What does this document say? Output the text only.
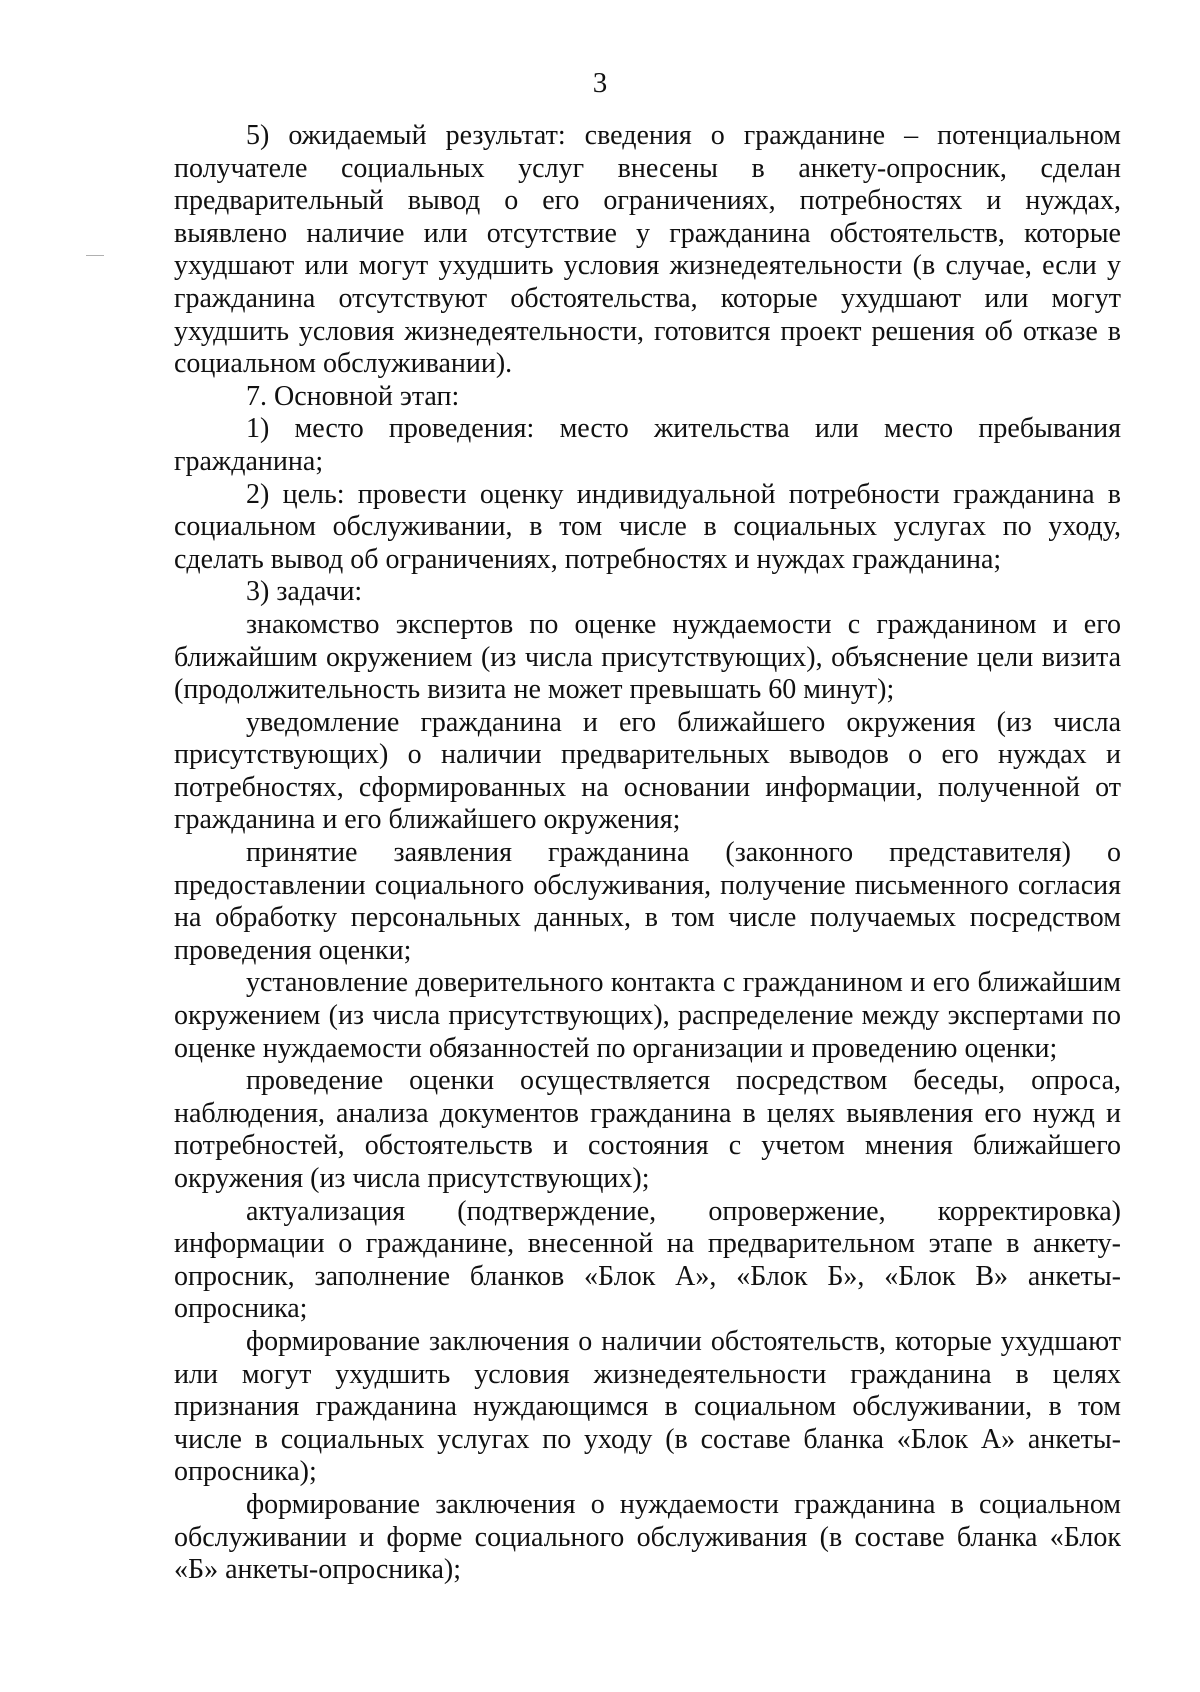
3

5) ожидаемый результат: сведения о гражданине – потенциальном получателе социальных услуг внесены в анкету-опросник, сделан предварительный вывод о его ограничениях, потребностях и нуждах, выявлено наличие или отсутствие у гражданина обстоятельств, которые ухудшают или могут ухудшить условия жизнедеятельности (в случае, если у гражданина отсутствуют обстоятельства, которые ухудшают или могут ухудшить условия жизнедеятельности, готовится проект решения об отказе в социальном обслуживании).

7. Основной этап:

1) место проведения: место жительства или место пребывания гражданина;

2) цель: провести оценку индивидуальной потребности гражданина в социальном обслуживании, в том числе в социальных услугах по уходу, сделать вывод об ограничениях, потребностях и нуждах гражданина;

3) задачи:

знакомство экспертов по оценке нуждаемости с гражданином и его ближайшим окружением (из числа присутствующих), объяснение цели визита (продолжительность визита не может превышать 60 минут);

уведомление гражданина и его ближайшего окружения (из числа присутствующих) о наличии предварительных выводов о его нуждах и потребностях, сформированных на основании информации, полученной от гражданина и его ближайшего окружения;

принятие заявления гражданина (законного представителя) о предоставлении социального обслуживания, получение письменного согласия на обработку персональных данных, в том числе получаемых посредством проведения оценки;

установление доверительного контакта с гражданином и его ближайшим окружением (из числа присутствующих), распределение между экспертами по оценке нуждаемости обязанностей по организации и проведению оценки;

проведение оценки осуществляется посредством беседы, опроса, наблюдения, анализа документов гражданина в целях выявления его нужд и потребностей, обстоятельств и состояния с учетом мнения ближайшего окружения (из числа присутствующих);

актуализация (подтверждение, опровержение, корректировка) информации о гражданине, внесенной на предварительном этапе в анкету-опросник, заполнение бланков «Блок А», «Блок Б», «Блок В» анкеты-опросника;

формирование заключения о наличии обстоятельств, которые ухудшают или могут ухудшить условия жизнедеятельности гражданина в целях признания гражданина нуждающимся в социальном обслуживании, в том числе в социальных услугах по уходу (в составе бланка «Блок А» анкеты-опросника);

формирование заключения о нуждаемости гражданина в социальном обслуживании и форме социального обслуживания (в составе бланка «Блок «Б» анкеты-опросника);
